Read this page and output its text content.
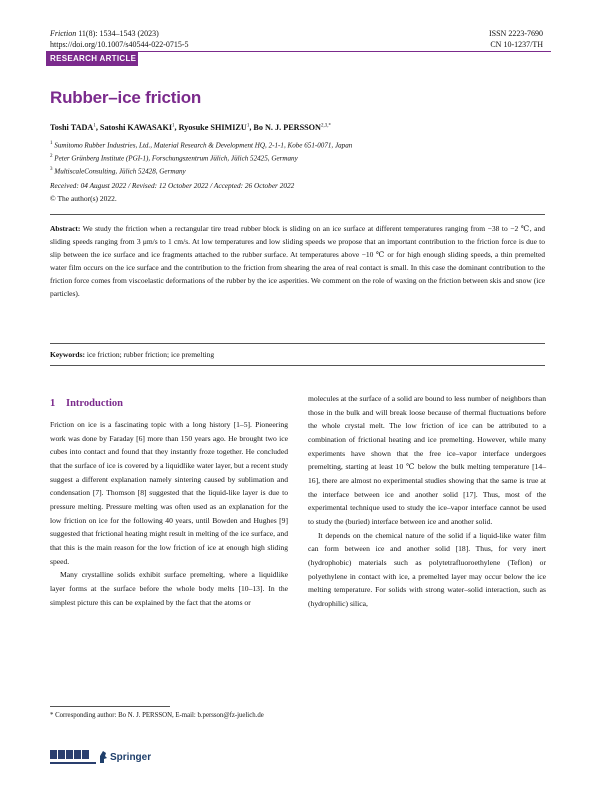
Friction 11(8): 1534–1543 (2023)
https://doi.org/10.1007/s40544-022-0715-5
ISSN 2223-7690
CN 10-1237/TH
RESEARCH ARTICLE
Rubber–ice friction
Toshi TADA$^1$, Satoshi KAWASAKI$^1$, Ryosuke SHIMIZU$^1$, Bo N. J. $PERSSON^{2,3,*}$
$^1$ Sumitomo Rubber Industries, Ltd., Material Research & Development HQ, 2-1-1, Kobe 651-0071, Japan
$^2$ Peter Grünberg Institute (PGI-1), Forschungszentrum Jülich, Jülich 52425, Germany
$^3$ MultiscaleConsulting, Jülich 52428, Germany
Received: 04 August 2022 / Revised: 12 October 2022 / Accepted: 26 October 2022
© The author(s) 2022.
Abstract: We study the friction when a rectangular tire tread rubber block is sliding on an ice surface at different temperatures ranging from −38 to −2 ℃, and sliding speeds ranging from 3 μm/s to 1 cm/s. At low temperatures and low sliding speeds we propose that an important contribution to the friction force is due to slip between the ice surface and ice fragments attached to the rubber surface. At temperatures above −10 ℃ or for high enough sliding speeds, a thin premelted water film occurs on the ice surface and the contribution to the friction from shearing the area of real contact is small. In this case the dominant contribution to the friction force comes from viscoelastic deformations of the rubber by the ice asperities. We comment on the role of waxing on the friction between skis and snow (ice particles).
Keywords: ice friction; rubber friction; ice premelting
1 Introduction

Friction on ice is a fascinating topic with a long history [1–5]. Pioneering work was done by Faraday [6] more than 150 years ago. He brought two ice cubes into contact and found that they instantly froze together. He concluded that the surface of ice is covered by a liquidlike water layer, but a recent study suggest a different explanation namely sintering caused by sublimation and condensation [7]. Thomson [8] suggested that the liquid-like layer is due to pressure melting. Pressure melting was often used as an explanation for the low friction on ice for the following 40 years, until Bowden and Hughes [9] suggested that frictional heating might result in melting of the ice surface, and that this is the main reason for the low friction of ice at enough high sliding speed.

Many crystalline solids exhibit surface premelting, where a liquidlike layer forms at the surface before the whole body melts [10–13]. In the simplest picture this can be explained by the fact that the atoms or

molecules at the surface of a solid are bound to less number of neighbors than those in the bulk and will break loose because of thermal fluctuations before the whole crystal melt. The low friction of ice can be attributed to a combination of frictional heating and ice premelting. However, while many experiments have shown that the free ice–vapor interface undergoes premelting, starting at least 10 ℃ below the bulk melting temperature [14–16], there are almost no experimental studies showing that the same is true at the interface between ice and another solid [17]. Thus, most of the experimental technique used to study the ice–vapor interface cannot be used to study the (buried) interface between ice and another solid.

It depends on the chemical nature of the solid if a liquid-like water film can form between ice and another solid [18]. Thus, for very inert (hydrophobic) materials such as polytetrafluoroethylene (Teflon) or polyethylene in contact with ice, a premelted layer may occur below the ice melting temperature. For solids with strong water–solid interaction, such as (hydrophilic) silica,

* Corresponding author: Bo N. J. PERSSON, E-mail: b.persson@fz-juelich.de
Springer
